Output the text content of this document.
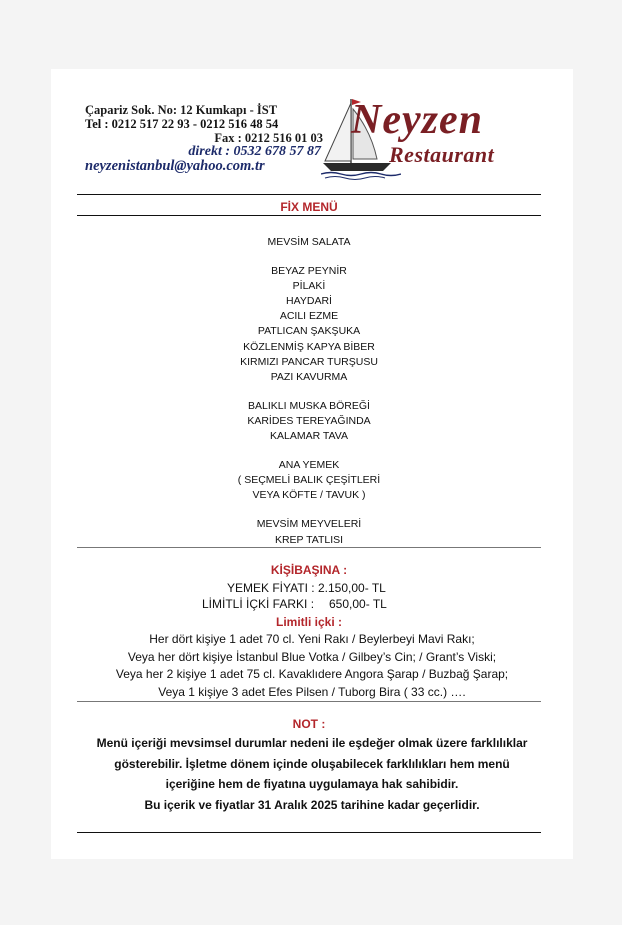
Çapariz Sok. No: 12 Kumkapı - İST
Tel : 0212 517 22 93 - 0212 516 48 54
Fax : 0212 516 01 03
direkt : 0532 678 57 87
neyzenistanbul@yahoo.com.tr
Neyzen
Restaurant
FİX MENÜ
MEVSİM SALATA
BEYAZ PEYNİR
PİLAKİ
HAYDARİ
ACILI EZME
PATLICAN ŞAKŞUKA
KÖZLENMİŞ KAPYA BİBER
KIRMIZI PANCAR TURŞUSU
PAZI KAVURMA
BALIKLI MUSKA BÖREĞİ
KARİDES TEREYAĞINDA
KALAMAR TAVA
ANA YEMEK
( SEÇMELİ BALIK ÇEŞİTLERİ
VEYA KÖFTE / TAVUK )
MEVSİM MEYVELERİ
KREP TATLISI
KİŞİBAŞINA :
YEMEK FİYATI : 2.150,00- TL
LİMİTLİ İÇKİ FARKI : 650,00- TL
Limitli içki :
Her dört kişiye 1 adet 70 cl. Yeni Rakı / Beylerbeyi Mavi Rakı;
Veya her dört kişiye İstanbul Blue Votka / Gilbey’s Cin; / Grant’s Viski;
Veya her 2 kişiye 1 adet 75 cl. Kavaklıdere Angora Şarap / Buzbağ Şarap;
Veya 1 kişiye 3 adet Efes Pilsen / Tuborg Bira ( 33 cc.) ….
NOT :
Menü içeriği mevsimsel durumlar nedeni ile eşdeğer olmak üzere farklılıklar
gösterebilir. İşletme dönem içinde oluşabilecek farklılıkları hem menü
içeriğine hem de fiyatına uygulamaya hak sahibidir.
Bu içerik ve fiyatlar 31 Aralık 2025 tarihine kadar geçerlidir.
